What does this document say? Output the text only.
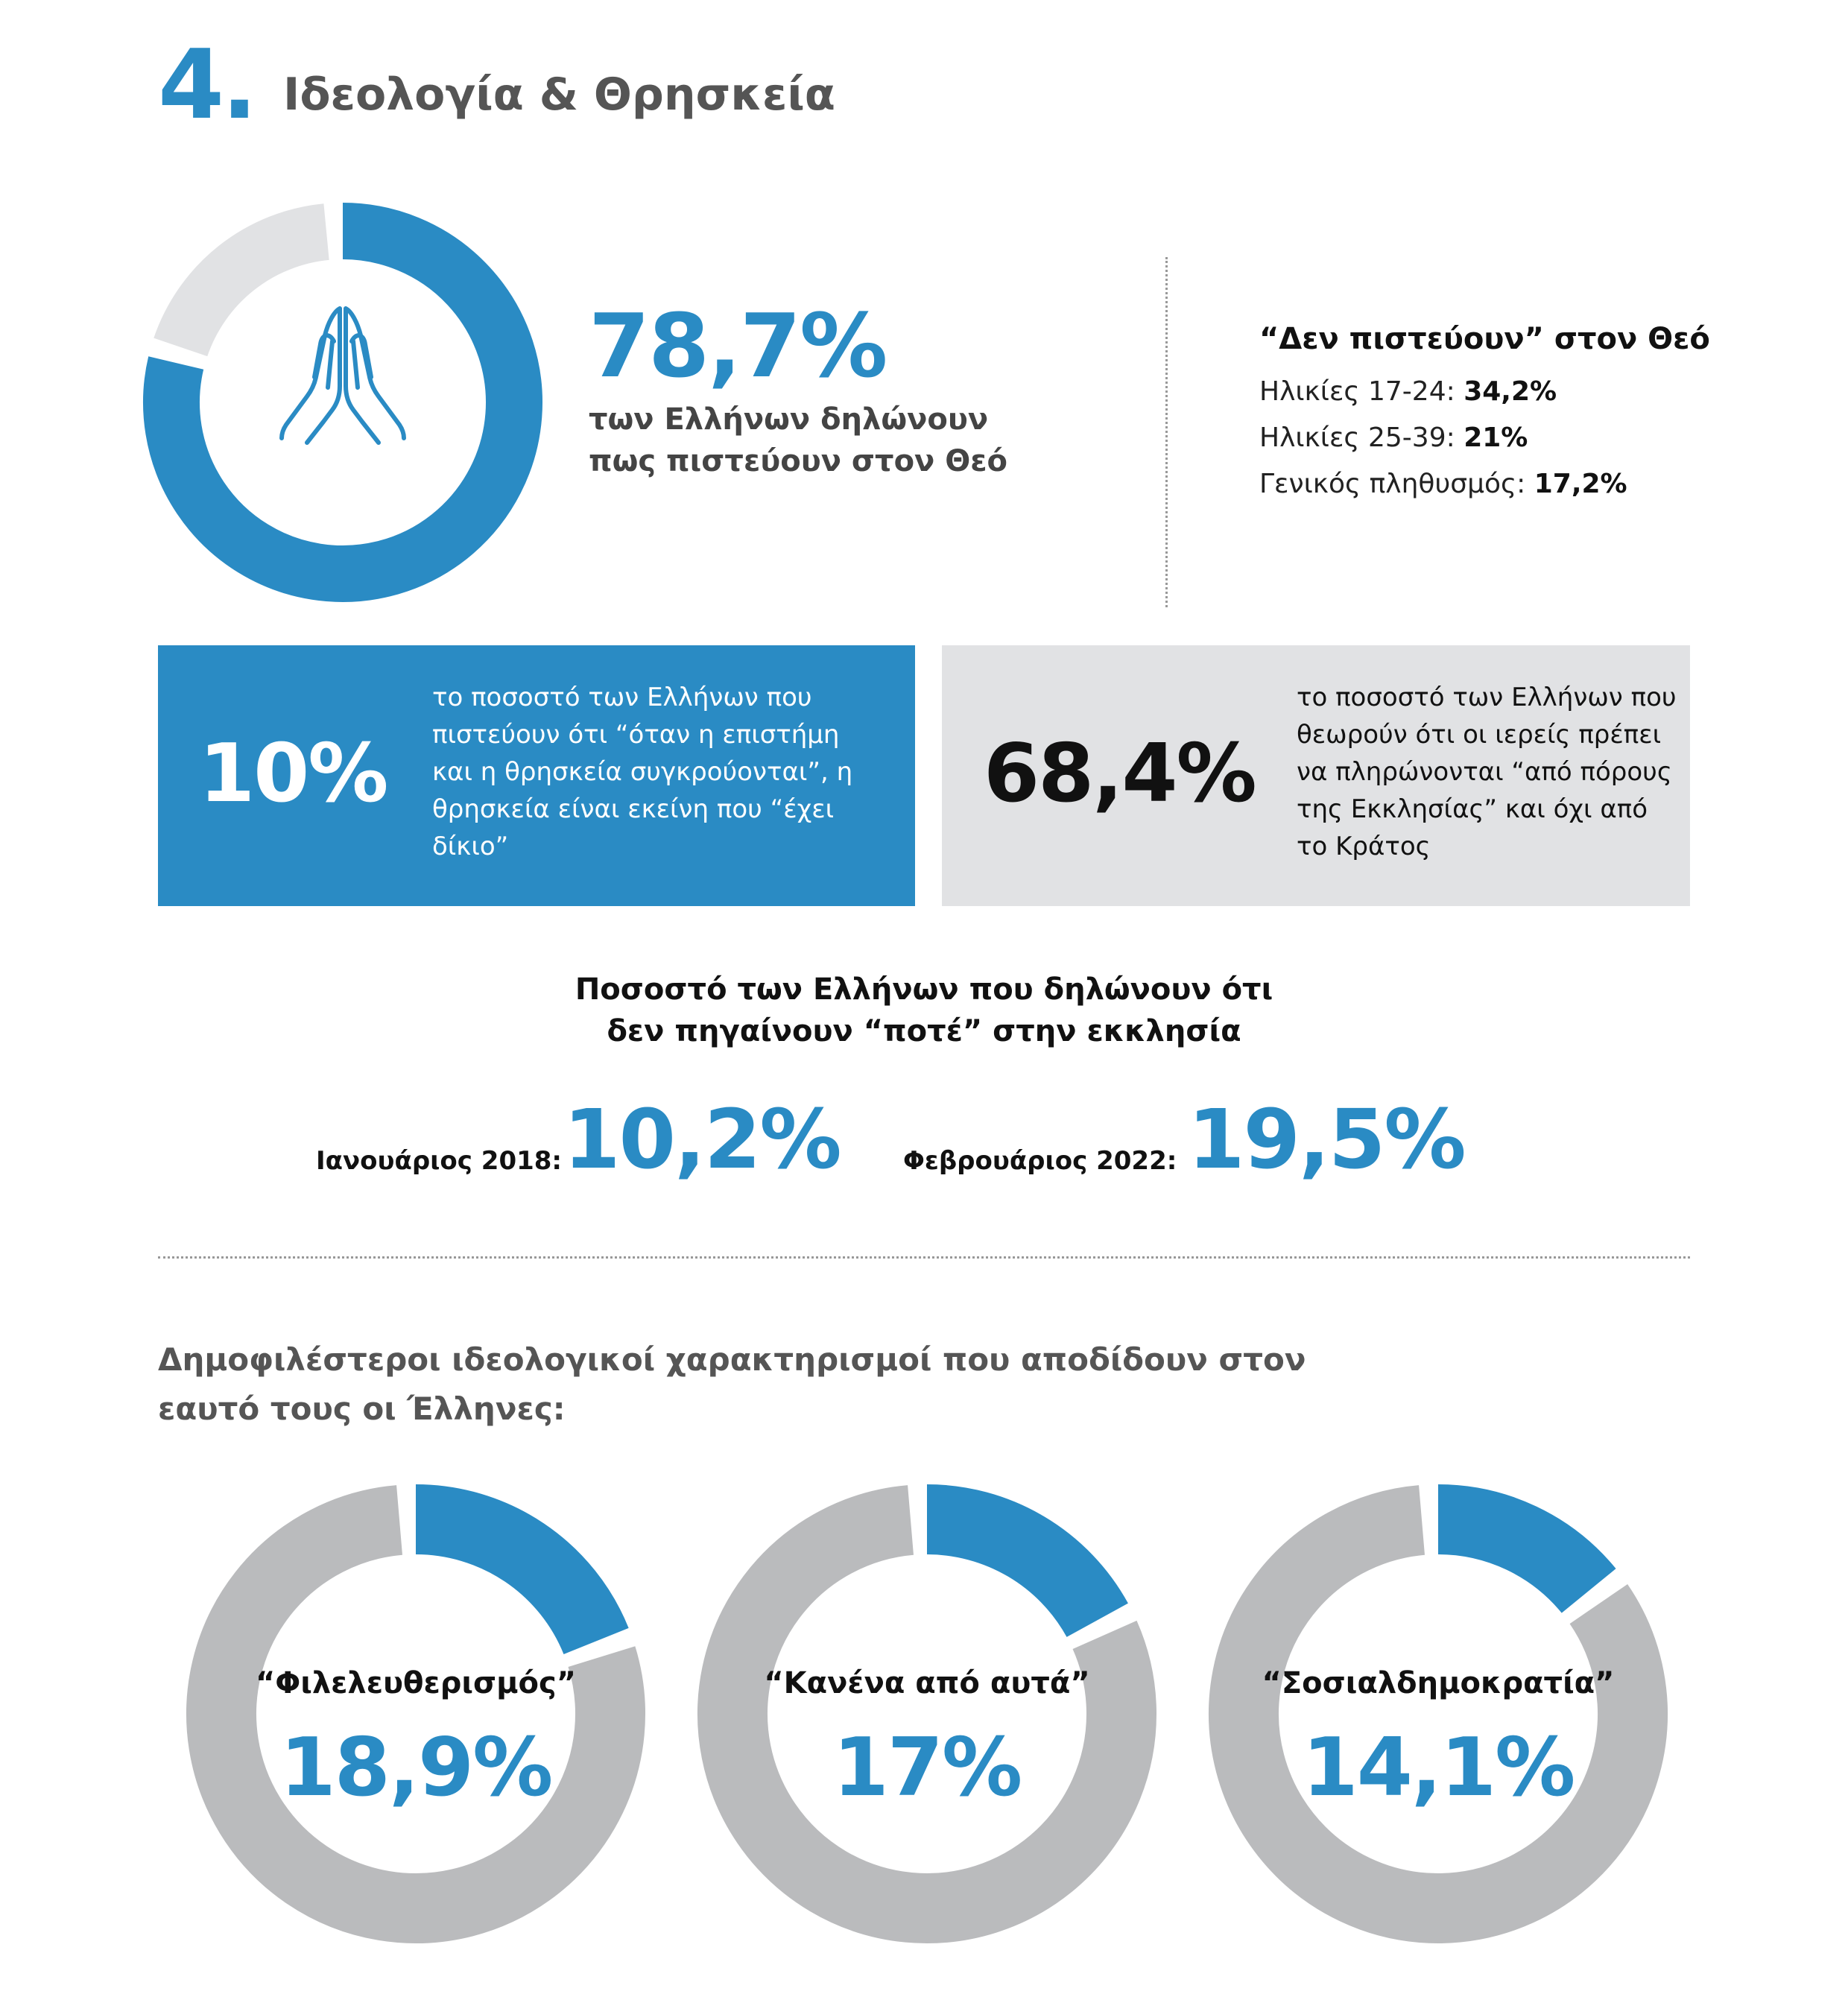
4. Ιδεολογία & Θρησκεία
78,7%
των Ελλήνων δηλώνουν πως πιστεύουν στον Θεό
“Δεν πιστεύουν” στον Θεό
Ηλικίες 17-24: 34,2%
Ηλικίες 25-39: 21%
Γενικός πληθυσμός: 17,2%
10%
το ποσοστό των Ελλήνων που πιστεύουν ότι “όταν η επιστήμη και η θρησκεία συγκρούονται”, η θρησκεία είναι εκείνη που “έχει δίκιο”
68,4%
το ποσοστό των Ελλήνων που θεωρούν ότι οι ιερείς πρέπει να πληρώνονται “από πόρους της Εκκλησίας” και όχι από το Κράτος
Ποσοστό των Ελλήνων που δηλώνουν ότι
δεν πηγαίνουν “ποτέ” στην εκκλησία
Ιανουάριος 2018: 10,2% Φεβρουάριος 2022: 19,5%
Δημοφιλέστεροι ιδεολογικοί χαρακτηρισμοί που αποδίδουν στον
εαυτό τους οι Έλληνες:
“Φιλελευθερισμός”
18,9%
“Κανένα από αυτά”
17%
“Σοσιαλδημοκρατία”
14,1%
